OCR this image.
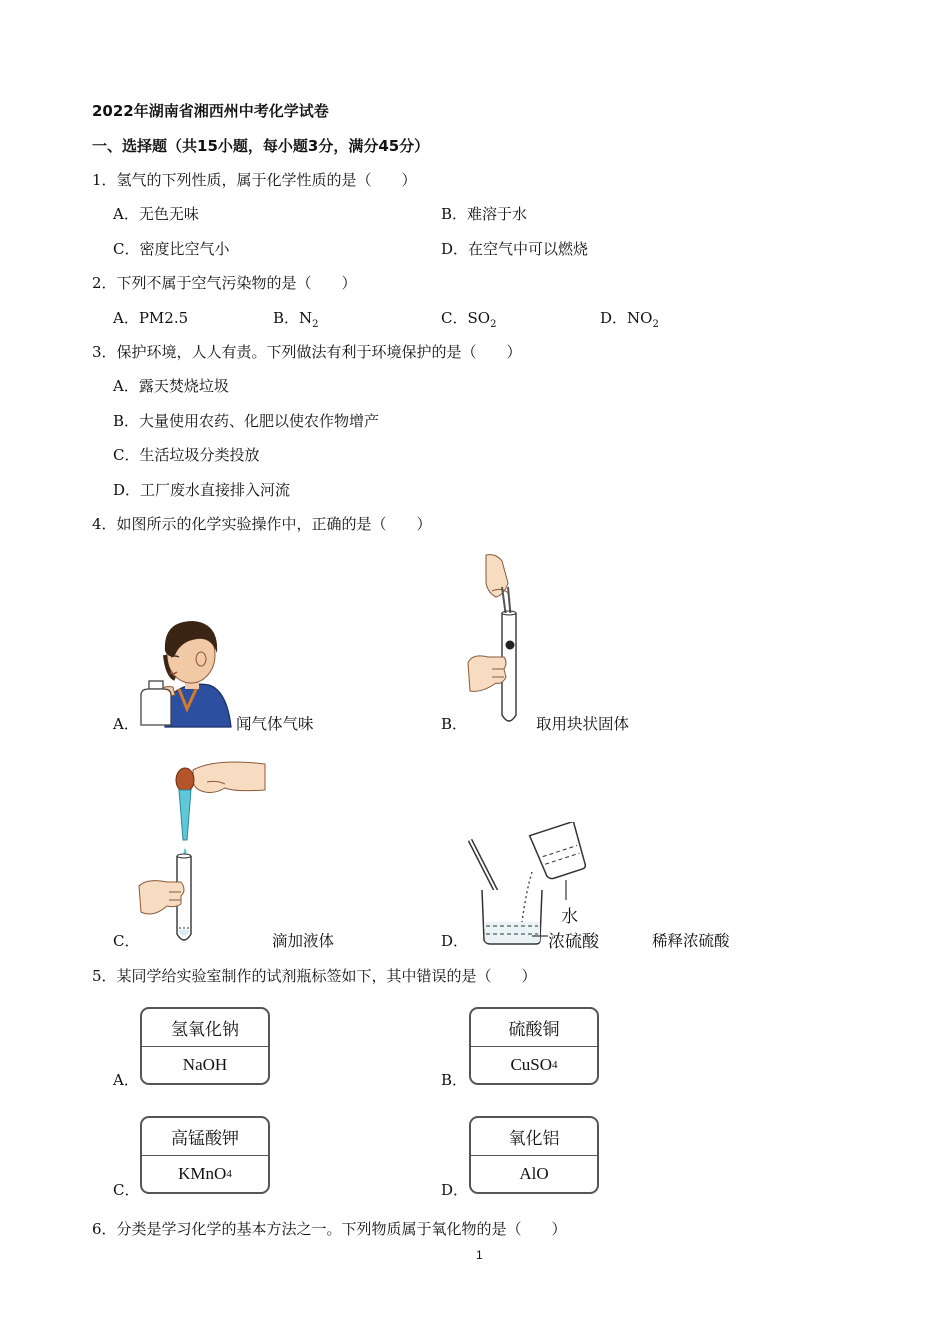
2022年湖南省湘西州中考化学试卷
一、选择题（共15小题，每小题3分，满分45分）
1．氢气的下列性质，属于化学性质的是（　　）
A．无色无味	B．难溶于水
C．密度比空气小	D．在空气中可以燃烧
2．下列不属于空气污染物的是（　　）
A．PM2.5	B．$N_2$	C．$SO_2$	D．$NO_2$
3．保护环境，人人有责。下列做法有利于环境保护的是（　　）
A．露天焚烧垃圾
B．大量使用农药、化肥以使农作物增产
C．生活垃圾分类投放
D．工厂废水直接排入河流
4．如图所示的化学实验操作中，正确的是（　　）
A．	闻气体气味	B．	取用块状固体
C．	滴加液体
水
浓硫酸
D．	稀释浓硫酸
5．某同学给实验室制作的试剂瓶标签如下，其中错误的是（　　）
A．
氢氧化钠
NaOH
B．
硫酸铜
CuSO 4
C．
高锰酸钾
KMnO 4
D．
氧化铝
AlO
6．分类是学习化学的基本方法之一。下列物质属于氧化物的是（　　）
1
